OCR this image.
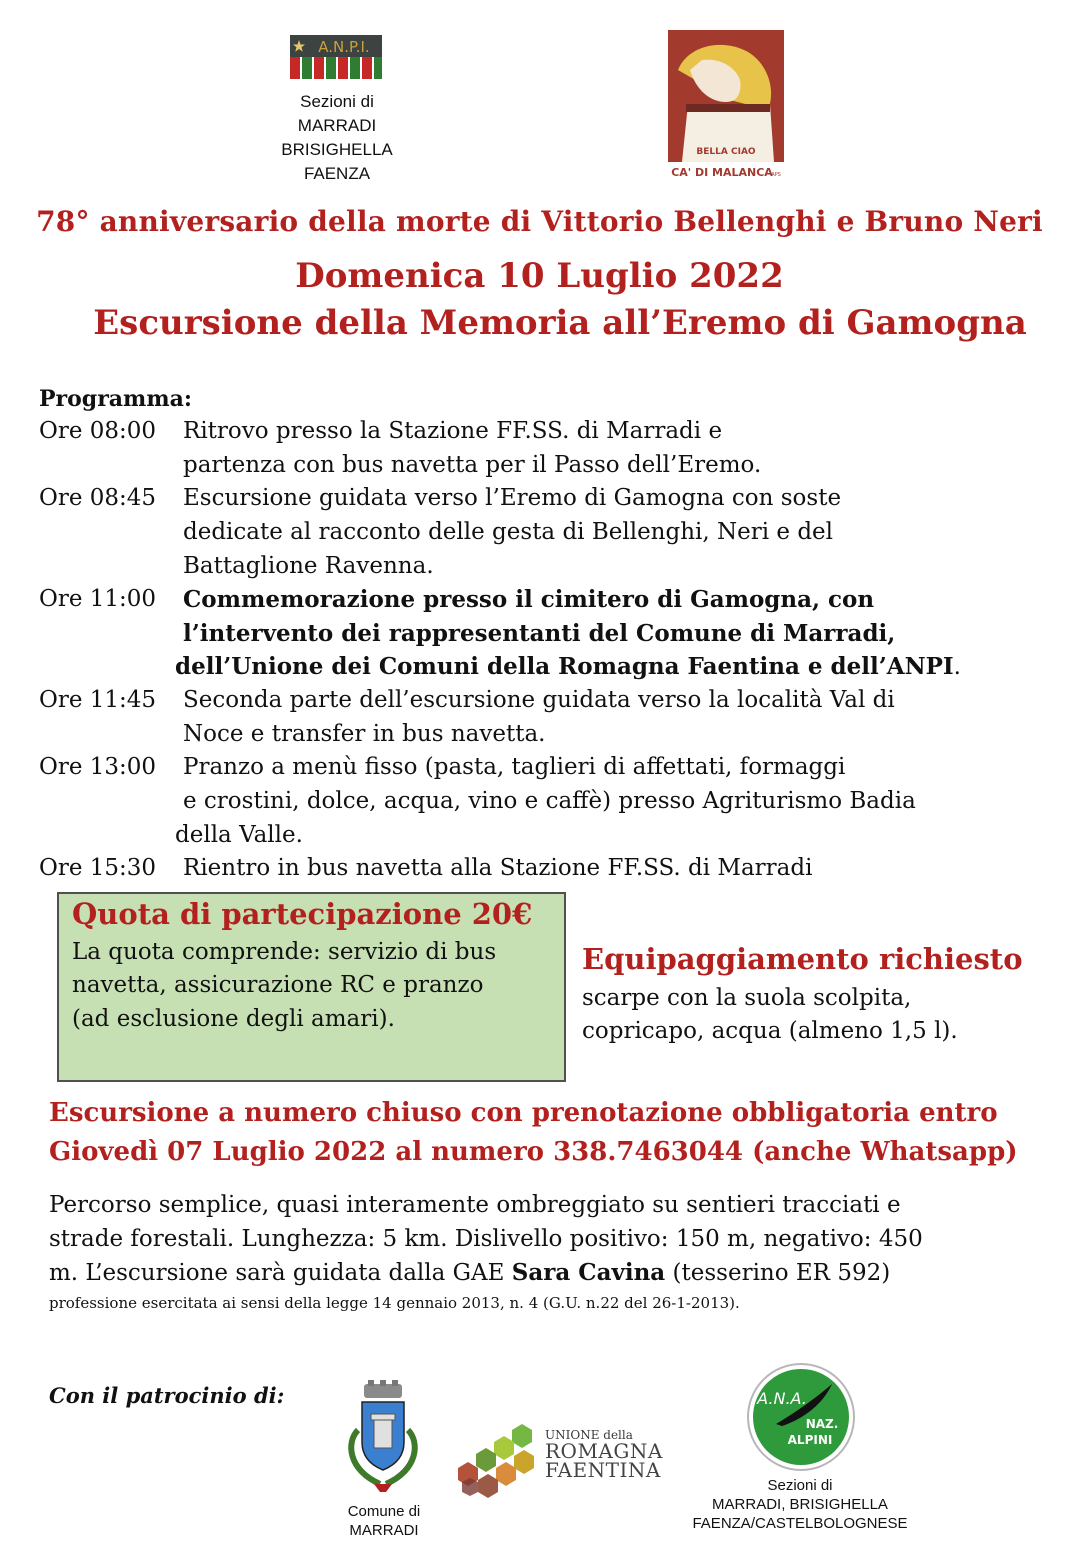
A.N.P.I.
Sezioni di
MARRADI
BRISIGHELLA
FAENZA
BELLA CIAO
CA' DI MALANCA
APS
78° anniversario della morte di Vittorio Bellenghi e Bruno Neri
Domenica 10 Luglio 2022
Escursione della Memoria all’Eremo di Gamogna
Programma:
Ore 08:00 Ritrovo presso la Stazione FF.SS. di Marradi e
partenza con bus navetta per il Passo dell’Eremo.
Ore 08:45 Escursione guidata verso l’Eremo di Gamogna con soste
dedicate al racconto delle gesta di Bellenghi, Neri e del
Battaglione Ravenna.
Ore 11:00 Commemorazione presso il cimitero di Gamogna, con
l’intervento dei rappresentanti del Comune di Marradi,
dell’Unione dei Comuni della Romagna Faentina e dell’ANPI.
Ore 11:45 Seconda parte dell’escursione guidata verso la località Val di
Noce e transfer in bus navetta.
Ore 13:00 Pranzo a menù fisso (pasta, taglieri di affettati, formaggi
e crostini, dolce, acqua, vino e caffè) presso Agriturismo Badia
della Valle.
Ore 15:30 Rientro in bus navetta alla Stazione FF.SS. di Marradi
Quota di partecipazione 20€
La quota comprende: servizio di bus
navetta, assicurazione RC e pranzo
(ad esclusione degli amari).
Equipaggiamento richiesto
scarpe con la suola scolpita,
copricapo, acqua (almeno 1,5 l).
Escursione a numero chiuso con prenotazione obbligatoria entro
Giovedì 07 Luglio 2022 al numero 338.7463044 (anche Whatsapp)
Percorso semplice, quasi interamente ombreggiato su sentieri tracciati e
strade forestali. Lunghezza: 5 km. Dislivello positivo: 150 m, negativo: 450
m. L’escursione sarà guidata dalla GAE Sara Cavina (tesserino ER 592)
professione esercitata ai sensi della legge 14 gennaio 2013, n. 4 (G.U. n.22 del 26-1-2013).
Con il patrocinio di:
Comune di
MARRADI
UNIONE della
ROMAGNA
FAENTINA
A.N.A.
NAZ.
ALPINI
Sezioni di
MARRADI, BRISIGHELLA
FAENZA/CASTELBOLOGNESE
